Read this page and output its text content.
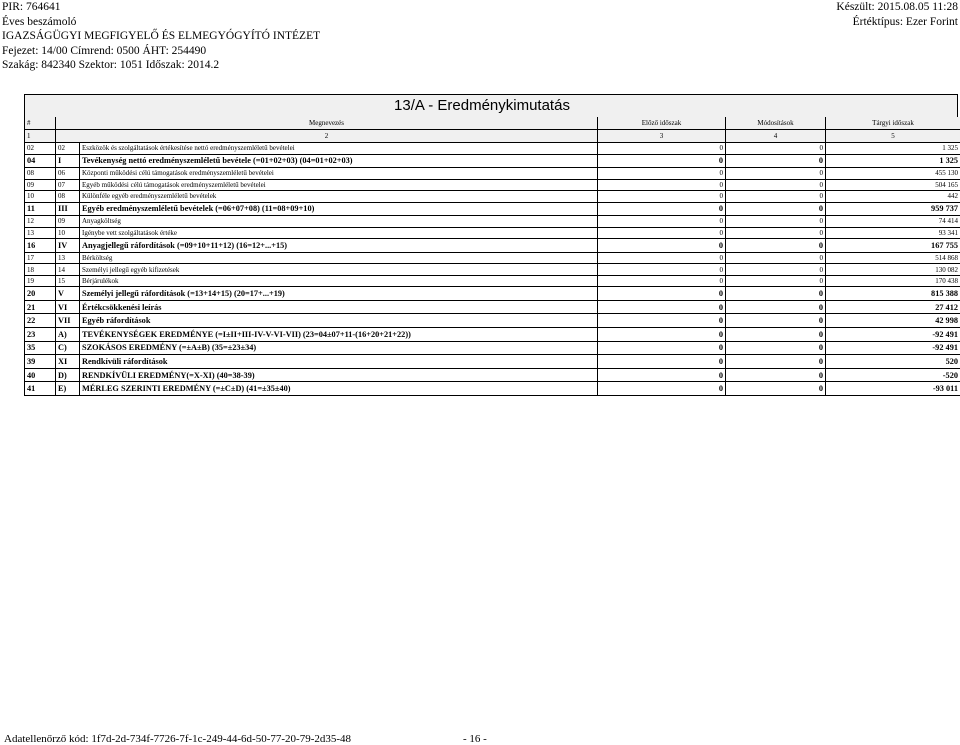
PIR: 764641
Éves beszámoló
IGAZSÁGÜGYI MEGFIGYELŐ ÉS ELMEGYÓGYÍTÓ INTÉZET
Fejezet: 14/00 Címrend: 0500 ÁHT: 254490
Szakág: 842340 Szektor: 1051 Időszak: 2014.2
Készült: 2015.08.05 11:28
Értéktípus: Ezer Forint
13/A - Eredménykimutatás
#	Megnevezés		Előző időszak	Módosítások	Tárgyi időszak
1	2		3	4	5
02	02	Eszközök és szolgáltatások értékesítése nettó eredményszemléletű bevételei	0	0	1 325
04	I	Tevékenység nettó eredményszemléletű bevétele (=01+02+03) (04=01+02+03)	0	0	1 325
08	06	Központi működési célú támogatások eredményszemléletű bevételei	0	0	455 130
09	07	Egyéb működési célú támogatások eredményszemléletű bevételei	0	0	504 165
10	08	Különféle egyéb eredményszemléletű bevételek	0	0	442
11	III	Egyéb eredményszemléletű bevételek (=06+07+08) (11=08+09+10)	0	0	959 737
12	09	Anyagköltség	0	0	74 414
13	10	Igénybe vett szolgáltatások értéke	0	0	93 341
16	IV	Anyagjellegű ráfordítások (=09+10+11+12) (16=12+...+15)	0	0	167 755
17	13	Bérköltség	0	0	514 868
18	14	Személyi jellegű egyéb kifizetések	0	0	130 082
19	15	Bérjárulékok	0	0	170 438
20	V	Személyi jellegű ráfordítások (=13+14+15) (20=17+...+19)	0	0	815 388
21	VI	Értékcsökkenési leírás	0	0	27 412
22	VII	Egyéb ráfordítások	0	0	42 998
23	A)	TEVÉKENYSÉGEK EREDMÉNYE (=I±II+III-IV-V-VI-VII) (23=04±07+11-(16+20+21+22))	0	0	-92 491
35	C)	SZOKÁSOS EREDMÉNY (=±A±B) (35=±23±34)	0	0	-92 491
39	XI	Rendkívüli ráfordítások	0	0	520
40	D)	RENDKÍVÜLI EREDMÉNY(=X-XI) (40=38-39)	0	0	-520
41	E)	MÉRLEG SZERINTI EREDMÉNY (=±C±D) (41=±35±40)	0	0	-93 011
Adatellenőrző kód: 1f7d-2d-734f-7726-7f-1c-249-44-6d-50-77-20-79-2d35-48	- 16 -
